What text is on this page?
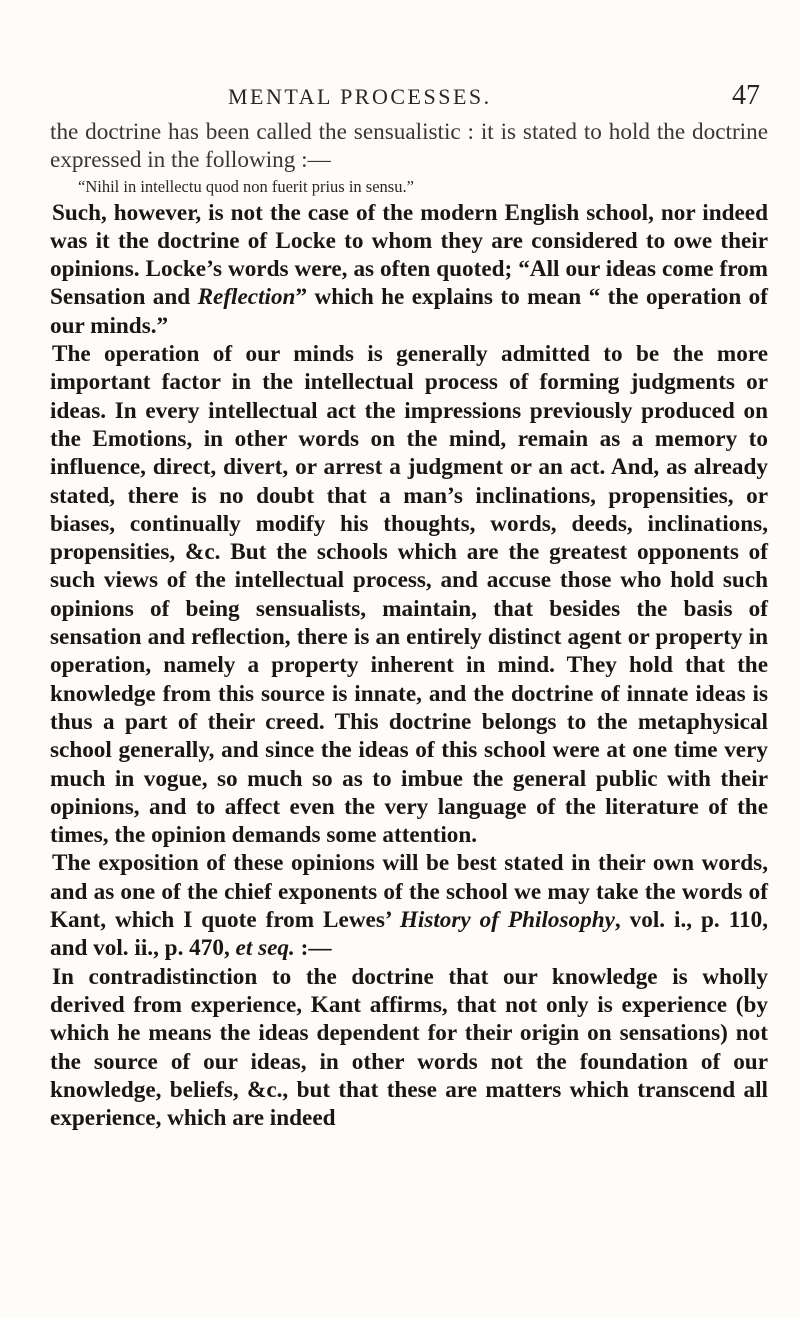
MENTAL PROCESSES.	47

the doctrine has been called the sensualistic : it is stated to hold the doctrine expressed in the following :—

“Nihil in intellectu quod non fuerit prius in sensu.”

Such, however, is not the case of the modern English school, nor indeed was it the doctrine of Locke to whom they are considered to owe their opinions. Locke’s words were, as often quoted; “All our ideas come from Sensation and Reflection” which he explains to mean “ the operation of our minds.”

The operation of our minds is generally admitted to be the more important factor in the intellectual process of forming judgments or ideas. In every intellectual act the impressions previously produced on the Emotions, in other words on the mind, remain as a memory to influence, direct, divert, or arrest a judgment or an act. And, as already stated, there is no doubt that a man’s inclinations, propensities, or biases, continually modify his thoughts, words, deeds, inclinations, propensities, &c. But the schools which are the greatest opponents of such views of the intellectual process, and accuse those who hold such opinions of being sensualists, maintain, that besides the basis of sensation and reflection, there is an entirely distinct agent or property in operation, namely a property inherent in mind. They hold that the knowledge from this source is innate, and the doctrine of innate ideas is thus a part of their creed. This doctrine belongs to the metaphysical school generally, and since the ideas of this school were at one time very much in vogue, so much so as to imbue the general public with their opinions, and to affect even the very language of the literature of the times, the opinion demands some attention.

The exposition of these opinions will be best stated in their own words, and as one of the chief exponents of the school we may take the words of Kant, which I quote from Lewes’ History of Philosophy, vol. i., p. 110, and vol. ii., p. 470, et seq. :—

In contradistinction to the doctrine that our knowledge is wholly derived from experience, Kant affirms, that not only is experience (by which he means the ideas dependent for their origin on sensations) not the source of our ideas, in other words not the foundation of our knowledge, beliefs, &c., but that these are matters which transcend all experience, which are indeed
